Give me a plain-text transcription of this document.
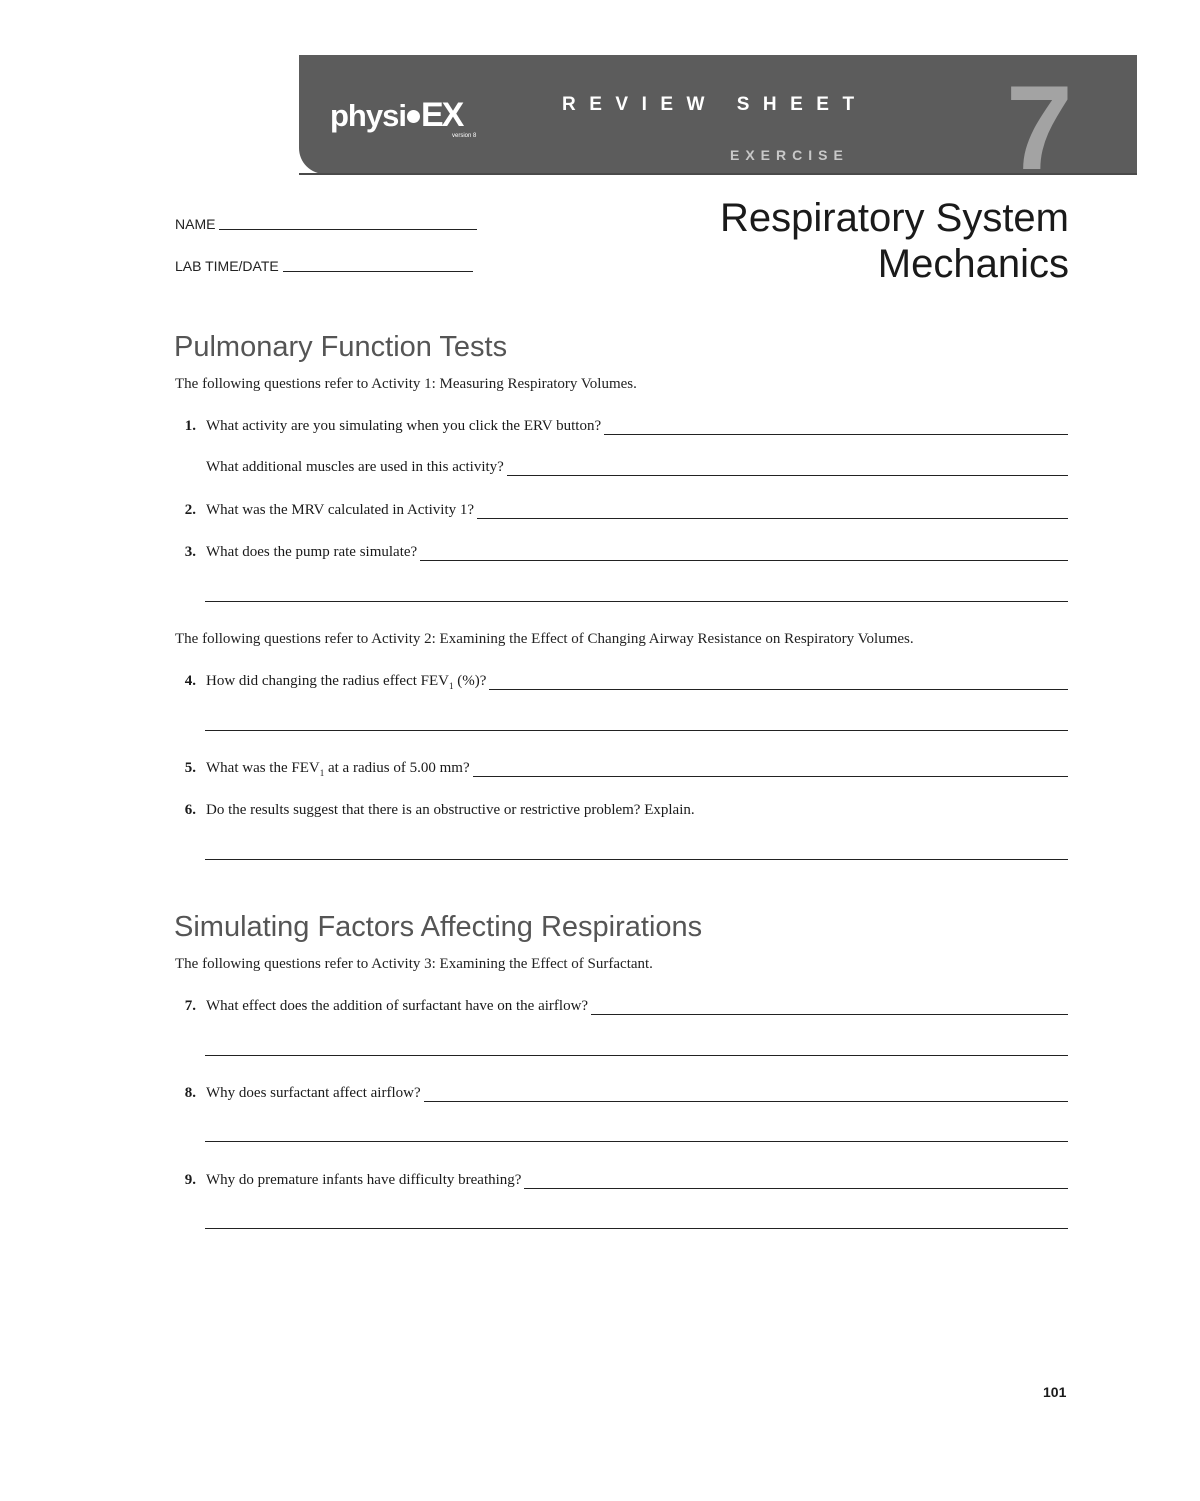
physi EX
version 8
REVIEW SHEET
EXERCISE 7
NAME
LAB TIME/DATE
Respiratory System
Mechanics
Pulmonary Function Tests
The following questions refer to Activity 1: Measuring Respiratory Volumes.
1. What activity are you simulating when you click the ERV button?
What additional muscles are used in this activity?
2. What was the MRV calculated in Activity 1?
3. What does the pump rate simulate?
The following questions refer to Activity 2: Examining the Effect of Changing Airway Resistance on Respiratory Volumes.
4. How did changing the radius effect $FEV_1$ (%)?
5. What was the $FEV_1$ at a radius of 5.00 mm?
6. Do the results suggest that there is an obstructive or restrictive problem? Explain.
Simulating Factors Affecting Respirations
The following questions refer to Activity 3: Examining the Effect of Surfactant.
7. What effect does the addition of surfactant have on the airflow?
8. Why does surfactant affect airflow?
9. Why do premature infants have difficulty breathing?
101
